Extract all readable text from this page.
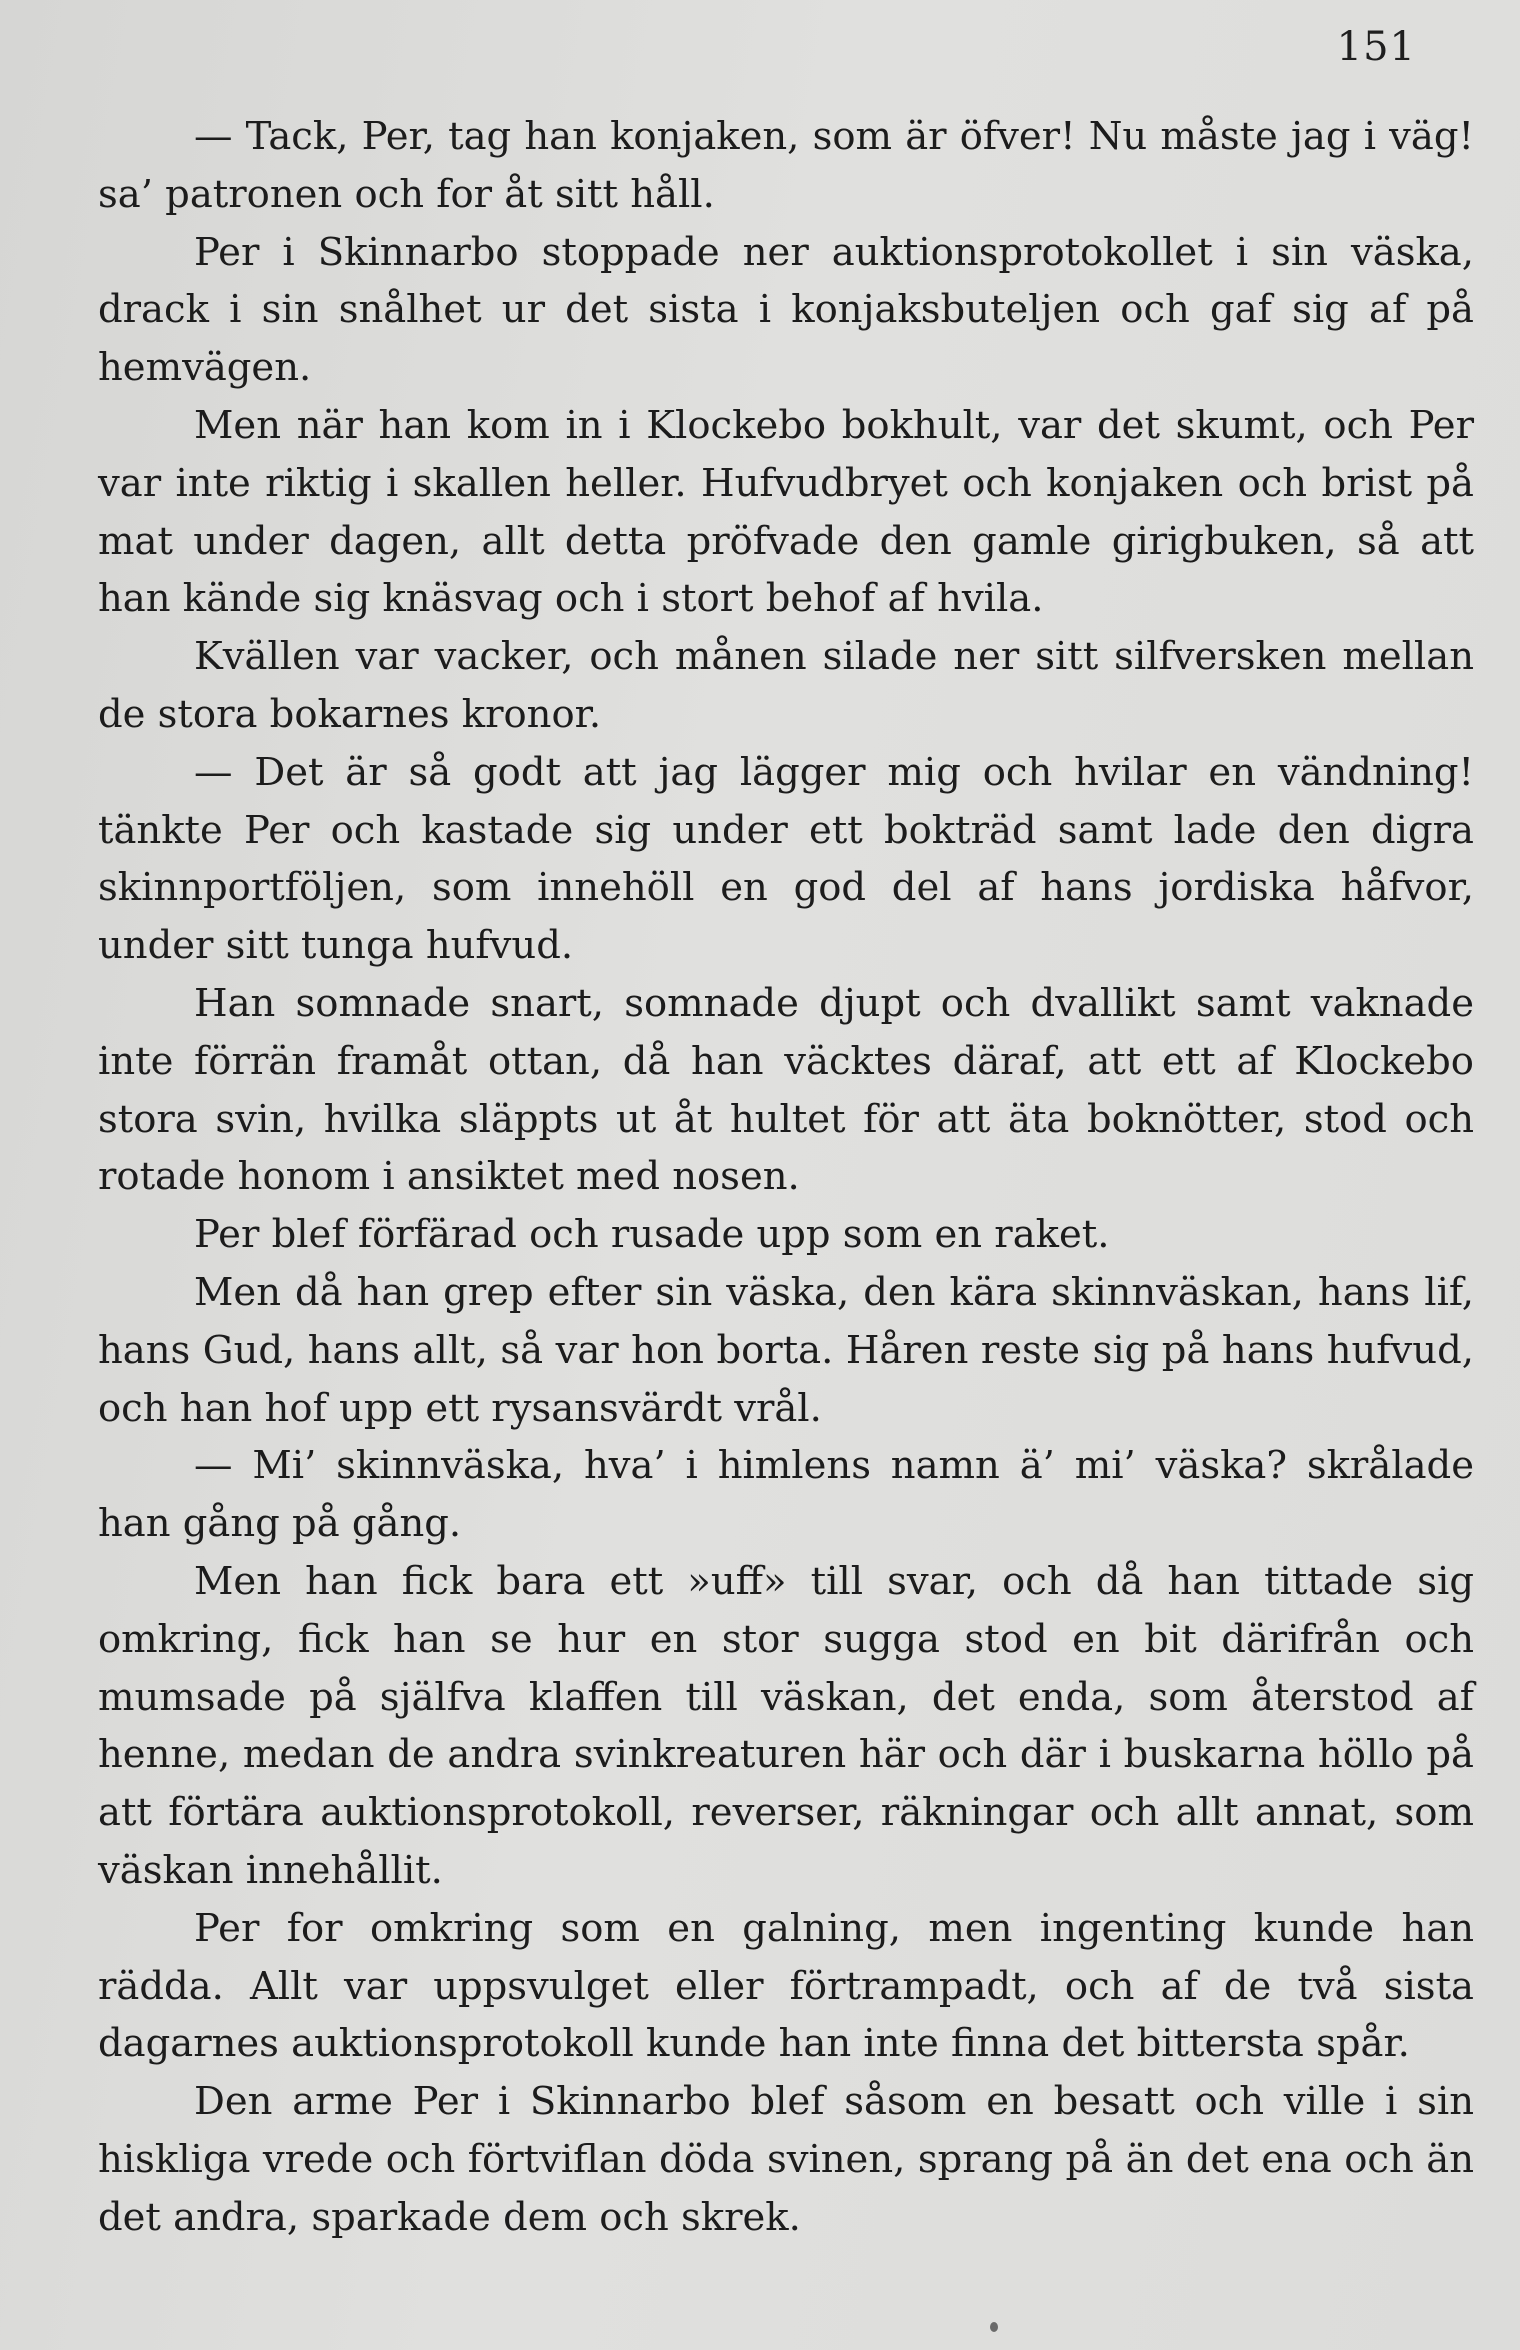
151

— Tack, Per, tag han konjaken, som är öfver! Nu måste jag i väg! sa’ patronen och for åt sitt håll.

Per i Skinnarbo stoppade ner auktionsprotokollet i sin väska, drack i sin snålhet ur det sista i konjaksbuteljen och gaf sig af på hemvägen.

Men när han kom in i Klockebo bokhult, var det skumt, och Per var inte riktig i skallen heller. Hufvudbryet och konjaken och brist på mat under dagen, allt detta pröfvade den gamle girigbuken, så att han kände sig knäsvag och i stort behof af hvila.

Kvällen var vacker, och månen silade ner sitt silfversken mellan de stora bokarnes kronor.

— Det är så godt att jag lägger mig och hvilar en vändning! tänkte Per och kastade sig under ett bokträd samt lade den digra skinnportföljen, som innehöll en god del af hans jordiska håfvor, under sitt tunga hufvud.

Han somnade snart, somnade djupt och dvallikt samt vaknade inte förrän framåt ottan, då han väcktes däraf, att ett af Klockebo stora svin, hvilka släppts ut åt hultet för att äta boknötter, stod och rotade honom i ansiktet med nosen.

Per blef förfärad och rusade upp som en raket.

Men då han grep efter sin väska, den kära skinnväskan, hans lif, hans Gud, hans allt, så var hon borta. Håren reste sig på hans hufvud, och han hof upp ett rysansvärdt vrål.

— Mi’ skinnväska, hva’ i himlens namn ä’ mi’ väska? skrålade han gång på gång.

Men han fick bara ett »uff» till svar, och då han tittade sig omkring, fick han se hur en stor sugga stod en bit därifrån och mumsade på själfva klaffen till väskan, det enda, som återstod af henne, medan de andra svinkreaturen här och där i buskarna höllo på att förtära auktionsprotokoll, reverser, räkningar och allt annat, som väskan innehållit.

Per for omkring som en galning, men ingenting kunde han rädda. Allt var uppsvulget eller förtrampadt, och af de två sista dagarnes auktionsprotokoll kunde han inte finna det bittersta spår.

Den arme Per i Skinnarbo blef såsom en besatt och ville i sin hiskliga vrede och förtviflan döda svinen, sprang på än det ena och än det andra, sparkade dem och skrek.
